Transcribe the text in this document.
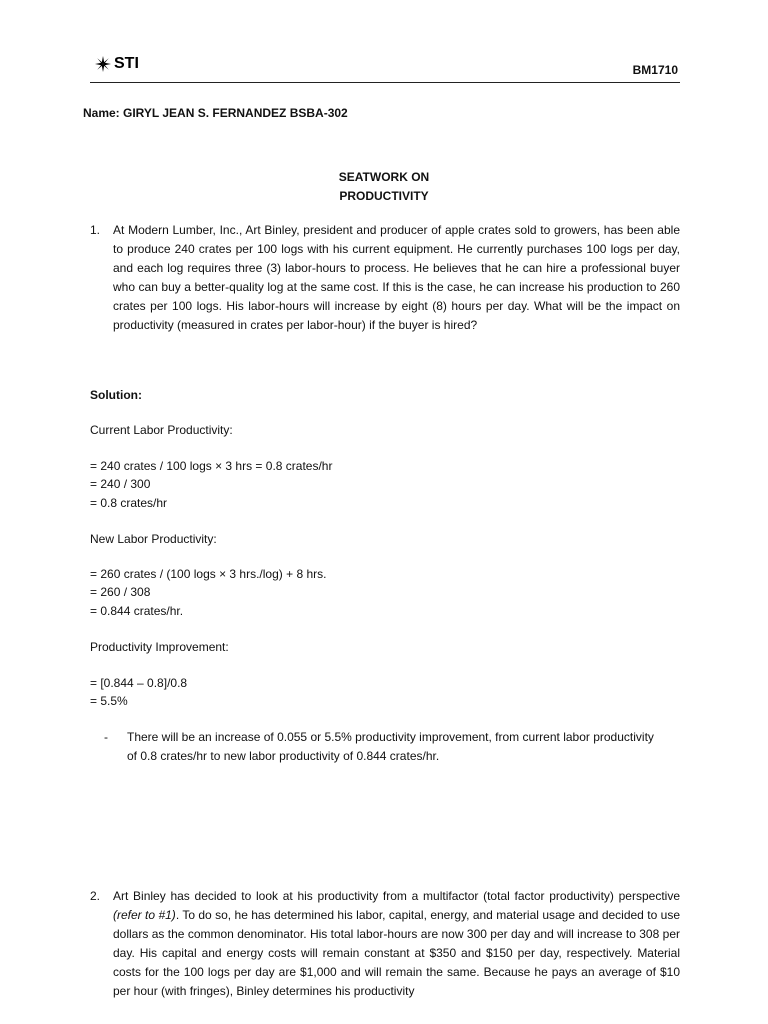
STI	BM1710
Name: GIRYL JEAN S. FERNANDEZ BSBA-302
SEATWORK ON
PRODUCTIVITY
1. At Modern Lumber, Inc., Art Binley, president and producer of apple crates sold to growers, has been able to produce 240 crates per 100 logs with his current equipment. He currently purchases 100 logs per day, and each log requires three (3) labor-hours to process. He believes that he can hire a professional buyer who can buy a better-quality log at the same cost. If this is the case, he can increase his production to 260 crates per 100 logs. His labor-hours will increase by eight (8) hours per day. What will be the impact on productivity (measured in crates per labor-hour) if the buyer is hired?
Solution:
Current Labor Productivity:
= 240 crates / 100 logs × 3 hrs = 0.8 crates/hr
= 240 / 300
= 0.8 crates/hr
New Labor Productivity:
= 260 crates / (100 logs × 3 hrs./log) + 8 hrs.
= 260 / 308
= 0.844 crates/hr.
Productivity Improvement:
= [0.844 – 0.8]/0.8
= 5.5%
- There will be an increase of 0.055 or 5.5% productivity improvement, from current labor productivity of 0.8 crates/hr to new labor productivity of 0.844 crates/hr.
2. Art Binley has decided to look at his productivity from a multifactor (total factor productivity) perspective (refer to #1). To do so, he has determined his labor, capital, energy, and material usage and decided to use dollars as the common denominator. His total labor-hours are now 300 per day and will increase to 308 per day. His capital and energy costs will remain constant at $350 and $150 per day, respectively. Material costs for the 100 logs per day are $1,000 and will remain the same. Because he pays an average of $10 per hour (with fringes), Binley determines his productivity
